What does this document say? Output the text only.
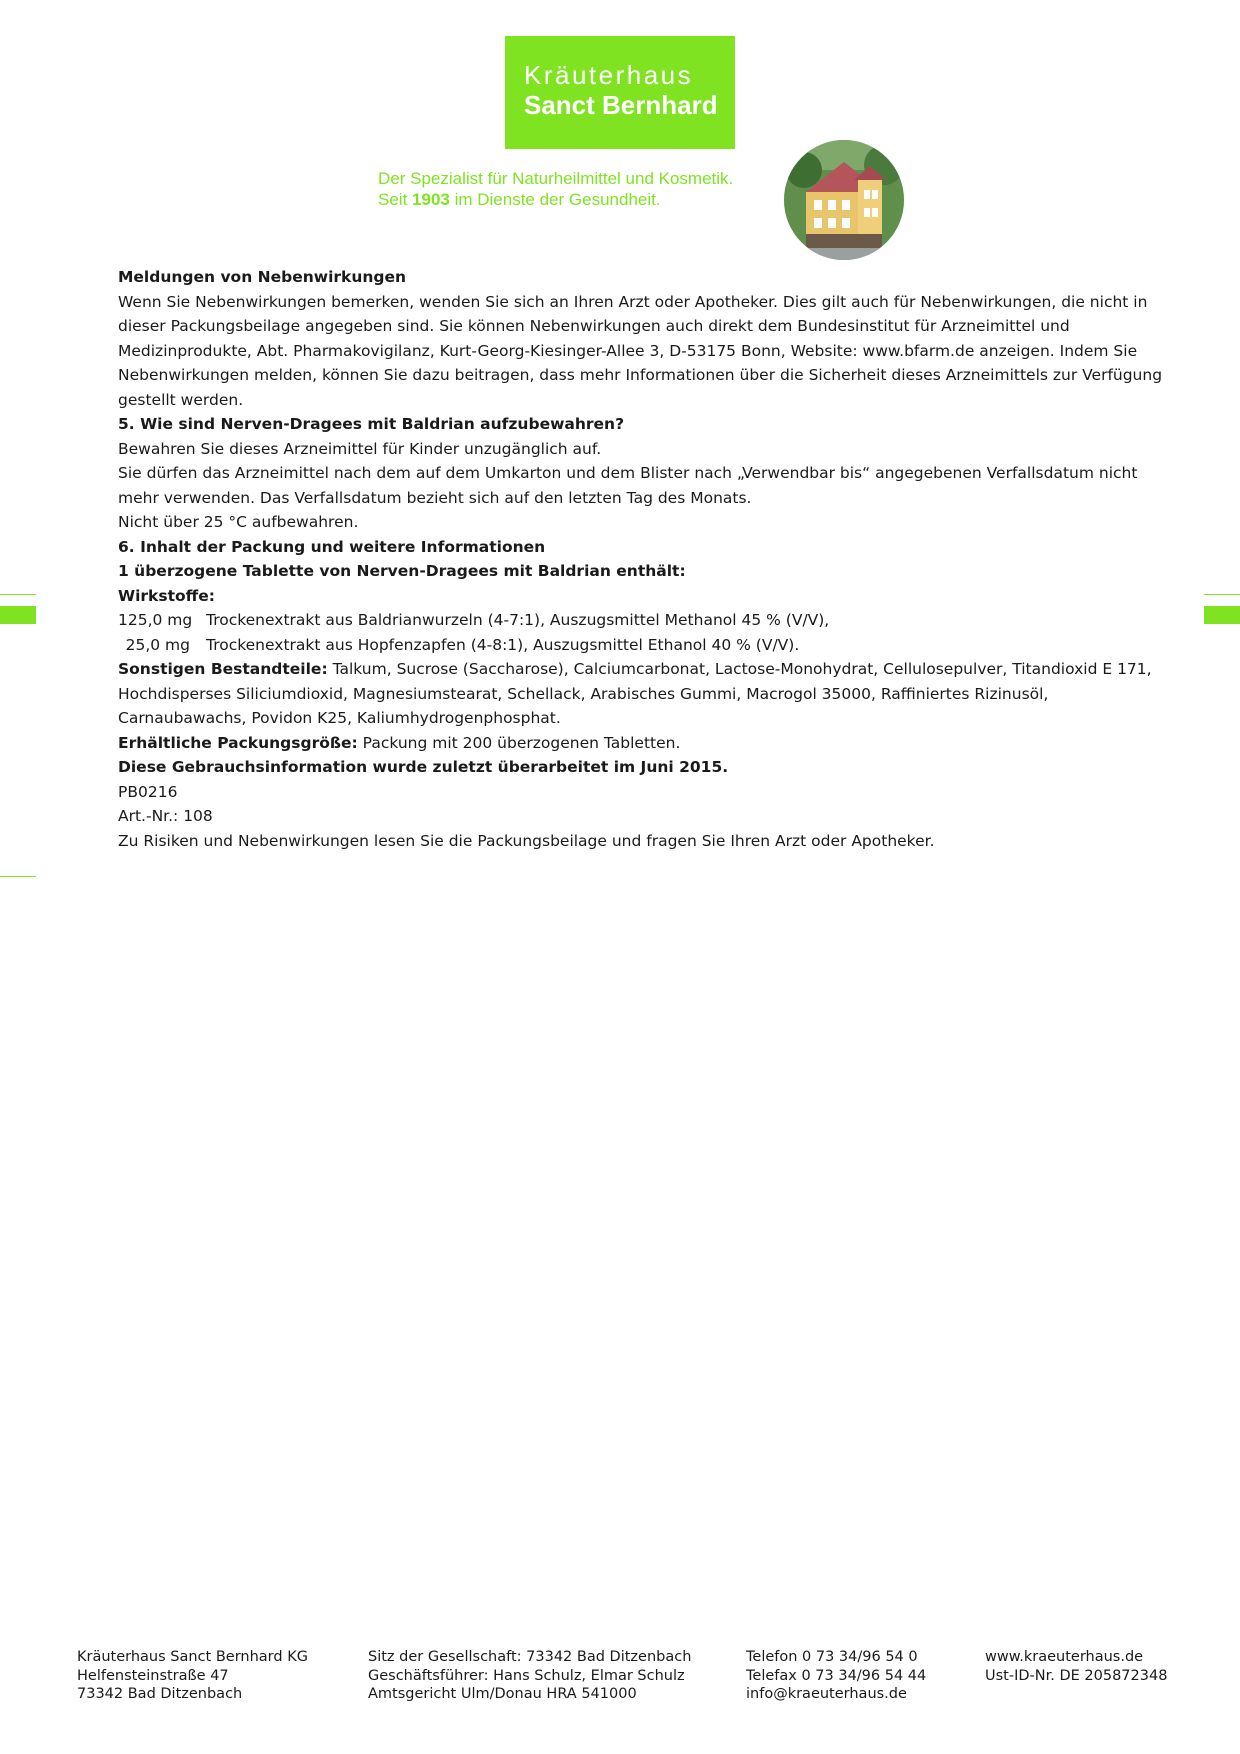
Kräuterhaus
Sanct Bernhard
Der Spezialist für Naturheilmittel und Kosmetik.
Seit 1903 im Dienste der Gesundheit.

Meldungen von Nebenwirkungen

Wenn Sie Nebenwirkungen bemerken, wenden Sie sich an Ihren Arzt oder Apotheker. Dies gilt auch für Nebenwirkungen, die nicht in dieser Packungsbeilage angegeben sind. Sie können Nebenwirkungen auch direkt dem Bundesinstitut für Arzneimittel und Medizinprodukte, Abt. Pharmakovigilanz, Kurt-Georg-Kiesinger-Allee 3, D-53175 Bonn, Website: www.bfarm.de anzeigen. Indem Sie Nebenwirkungen melden, können Sie dazu beitragen, dass mehr Informationen über die Sicherheit dieses Arzneimittels zur Verfügung gestellt werden.

5. Wie sind Nerven-Dragees mit Baldrian aufzubewahren?

Bewahren Sie dieses Arzneimittel für Kinder unzugänglich auf.

Sie dürfen das Arzneimittel nach dem auf dem Umkarton und dem Blister nach „Verwendbar bis“ angegebenen Verfallsdatum nicht mehr verwenden. Das Verfallsdatum bezieht sich auf den letzten Tag des Monats.

Nicht über 25 °C aufbewahren.

6. Inhalt der Packung und weitere Informationen

1 überzogene Tablette von Nerven-Dragees mit Baldrian enthält:

Wirkstoffe:

125,0 mg Trockenextrakt aus Baldrianwurzeln (4-7:1), Auszugsmittel Methanol 45 % (V/V),
25,0 mg	Trockenextrakt aus Hopfenzapfen (4-8:1), Auszugsmittel Ethanol 40 % (V/V).

Sonstigen Bestandteile: Talkum, Sucrose (Saccharose), Calciumcarbonat, Lactose-Monohydrat, Cellulosepulver, Titandioxid E 171, Hochdisperses Siliciumdioxid, Magnesiumstearat, Schellack, Arabisches Gummi, Macrogol 35000, Raffiniertes Rizinusöl, Carnaubawachs, Povidon K25, Kaliumhydrogenphosphat.

Erhältliche Packungsgröße: Packung mit 200 überzogenen Tabletten.

Diese Gebrauchsinformation wurde zuletzt überarbeitet im Juni 2015.

PB0216

Art.-Nr.: 108

Zu Risiken und Nebenwirkungen lesen Sie die Packungsbeilage und fragen Sie Ihren Arzt oder Apotheker.

Kräuterhaus Sanct Bernhard KG
Helfensteinstraße 47
73342 Bad Ditzenbach
Sitz der Gesellschaft: 73342 Bad Ditzenbach
Geschäftsführer: Hans Schulz, Elmar Schulz
Amtsgericht Ulm/Donau HRA 541000
Telefon 0 73 34/96 54 0
Telefax 0 73 34/96 54 44
info@kraeuterhaus.de
www.kraeuterhaus.de
Ust-ID-Nr. DE 205872348
